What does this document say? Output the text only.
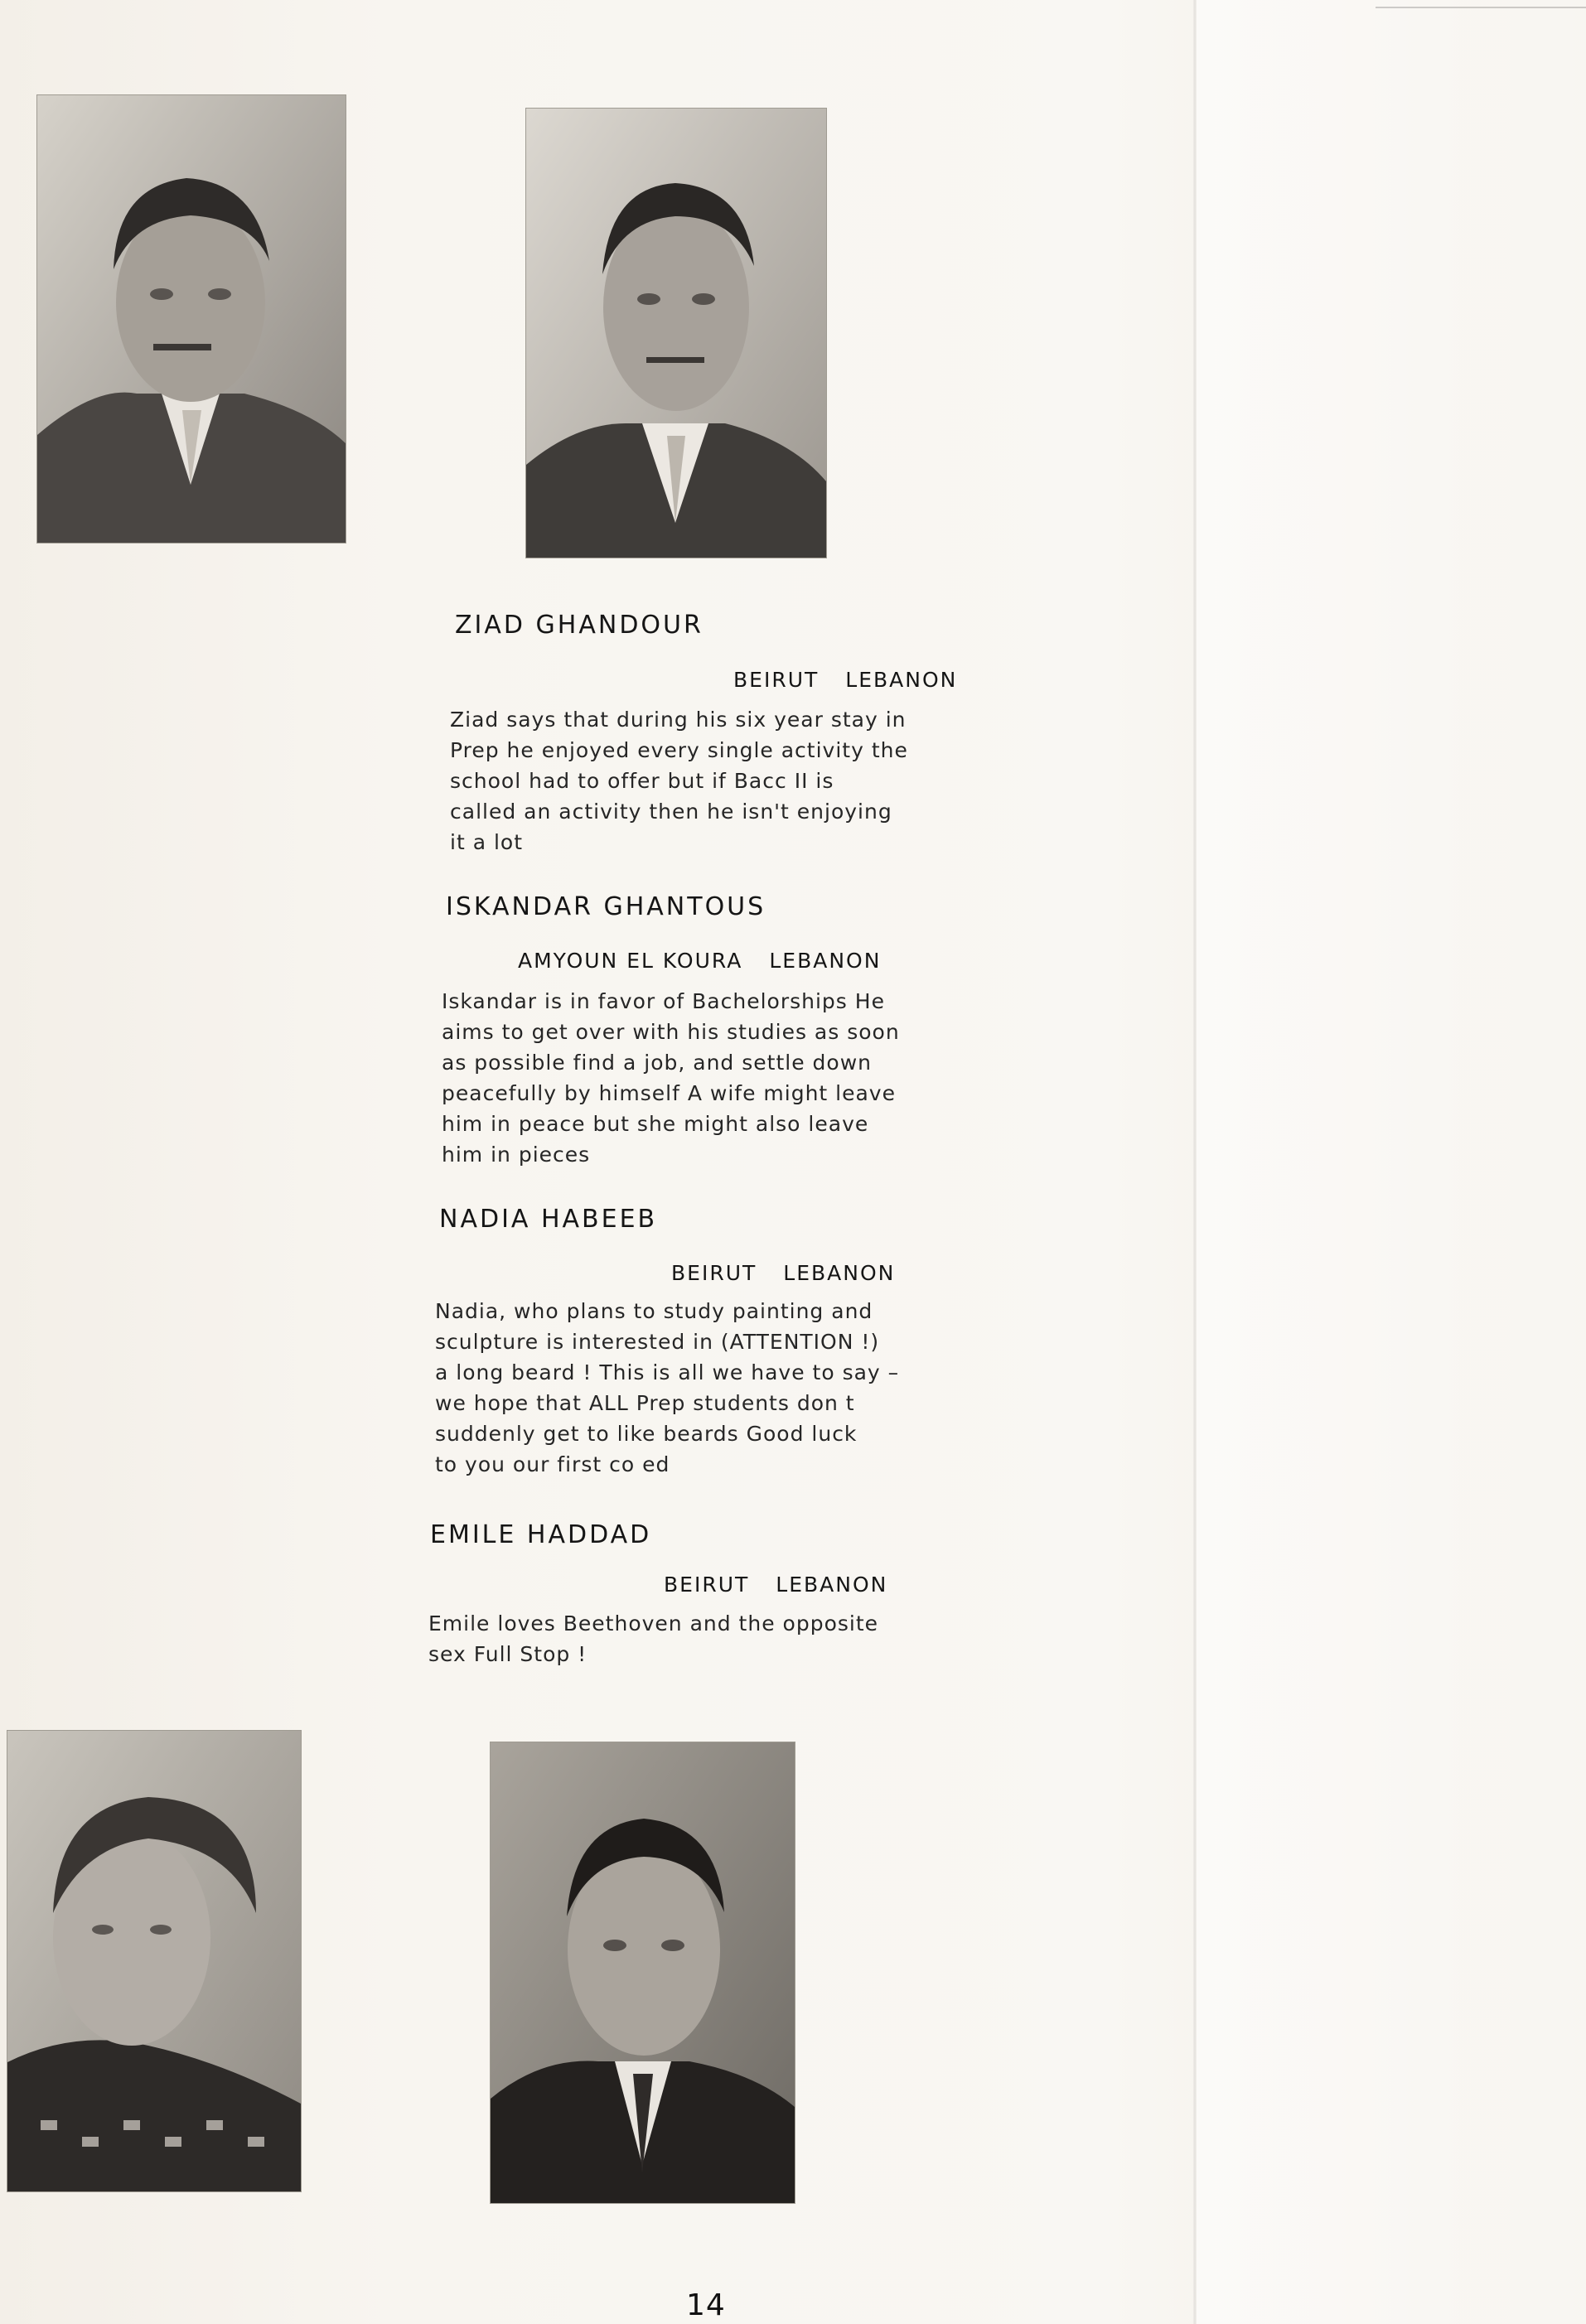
ZIAD GHANDOUR
BEIRUT LEBANON
Ziad says that during his six year stay in
Prep he enjoyed every single activity the
school had to offer but if Bacc II is
called an activity then he isn't enjoying
it a lot
ISKANDAR GHANTOUS
AMYOUN EL KOURA LEBANON
Iskandar is in favor of Bachelorships He
aims to get over with his studies as soon
as possible find a job, and settle down
peacefully by himself A wife might leave
him in peace but she might also leave
him in pieces
NADIA HABEEB
BEIRUT LEBANON
Nadia, who plans to study painting and
sculpture is interested in (ATTENTION !)
a long beard ! This is all we have to say –
we hope that ALL Prep students don t
suddenly get to like beards Good luck
to you our first co ed
EMILE HADDAD
BEIRUT LEBANON
Emile loves Beethoven and the opposite
sex Full Stop !
14
